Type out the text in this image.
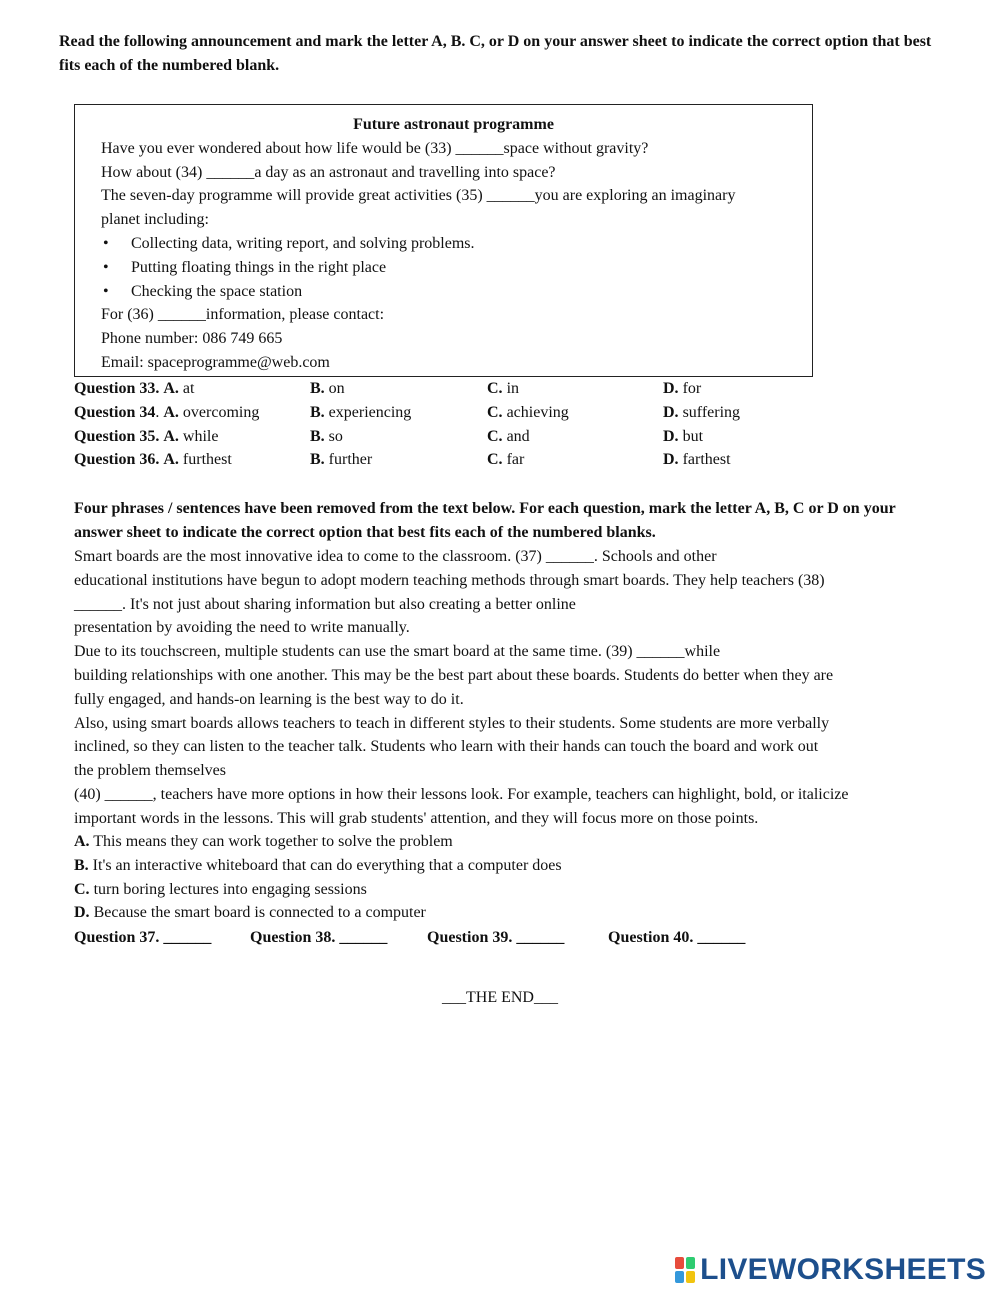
Read the following announcement and mark the letter A, B. C, or D on your answer sheet to indicate the correct option that best fits each of the numbered blank.

Future astronaut programme
Have you ever wondered about how life would be (33) ______space without gravity?
How about (34) ______a day as an astronaut and travelling into space?
The seven-day programme will provide great activities (35) ______you are exploring an imaginary
planet including:
• Collecting data, writing report, and solving problems.
• Putting floating things in the right place
• Checking the space station
For (36) ______information, please contact:
Phone number: 086 749 665
Email: spaceprogramme@web.com
Question 33. A. at	B. on	C. in	D. for
Question 34. A. overcoming	B. experiencing	C. achieving	D. suffering
Question 35. A. while	B. so	C. and	D. but
Question 36. A. furthest	B. further	C. far	D. farthest

Four phrases / sentences have been removed from the text below. For each question, mark the letter A, B, C or D on your answer sheet to indicate the correct option that best fits each of the numbered blanks.

Smart boards are the most innovative idea to come to the classroom. (37) ______. Schools and other

educational institutions have begun to adopt modern teaching methods through smart boards. They help teachers (38)

______. It's not just about sharing information but also creating a better online

presentation by avoiding the need to write manually.

Due to its touchscreen, multiple students can use the smart board at the same time. (39) ______while

building relationships with one another. This may be the best part about these boards. Students do better when they are

fully engaged, and hands-on learning is the best way to do it.

Also, using smart boards allows teachers to teach in different styles to their students. Some students are more verbally

inclined, so they can listen to the teacher talk. Students who learn with their hands can touch the board and work out

the problem themselves

(40) ______, teachers have more options in how their lessons look. For example, teachers can highlight, bold, or italicize

important words in the lessons. This will grab students' attention, and they will focus more on those points.

A. This means they can work together to solve the problem
B. It's an interactive whiteboard that can do everything that a computer does
C. turn boring lectures into engaging sessions
D. Because the smart board is connected to a computer
Question 37. ______ Question 38. ______ Question 39. ______	Question 40. ______
___THE END___
LIVEWORKSHEETS
